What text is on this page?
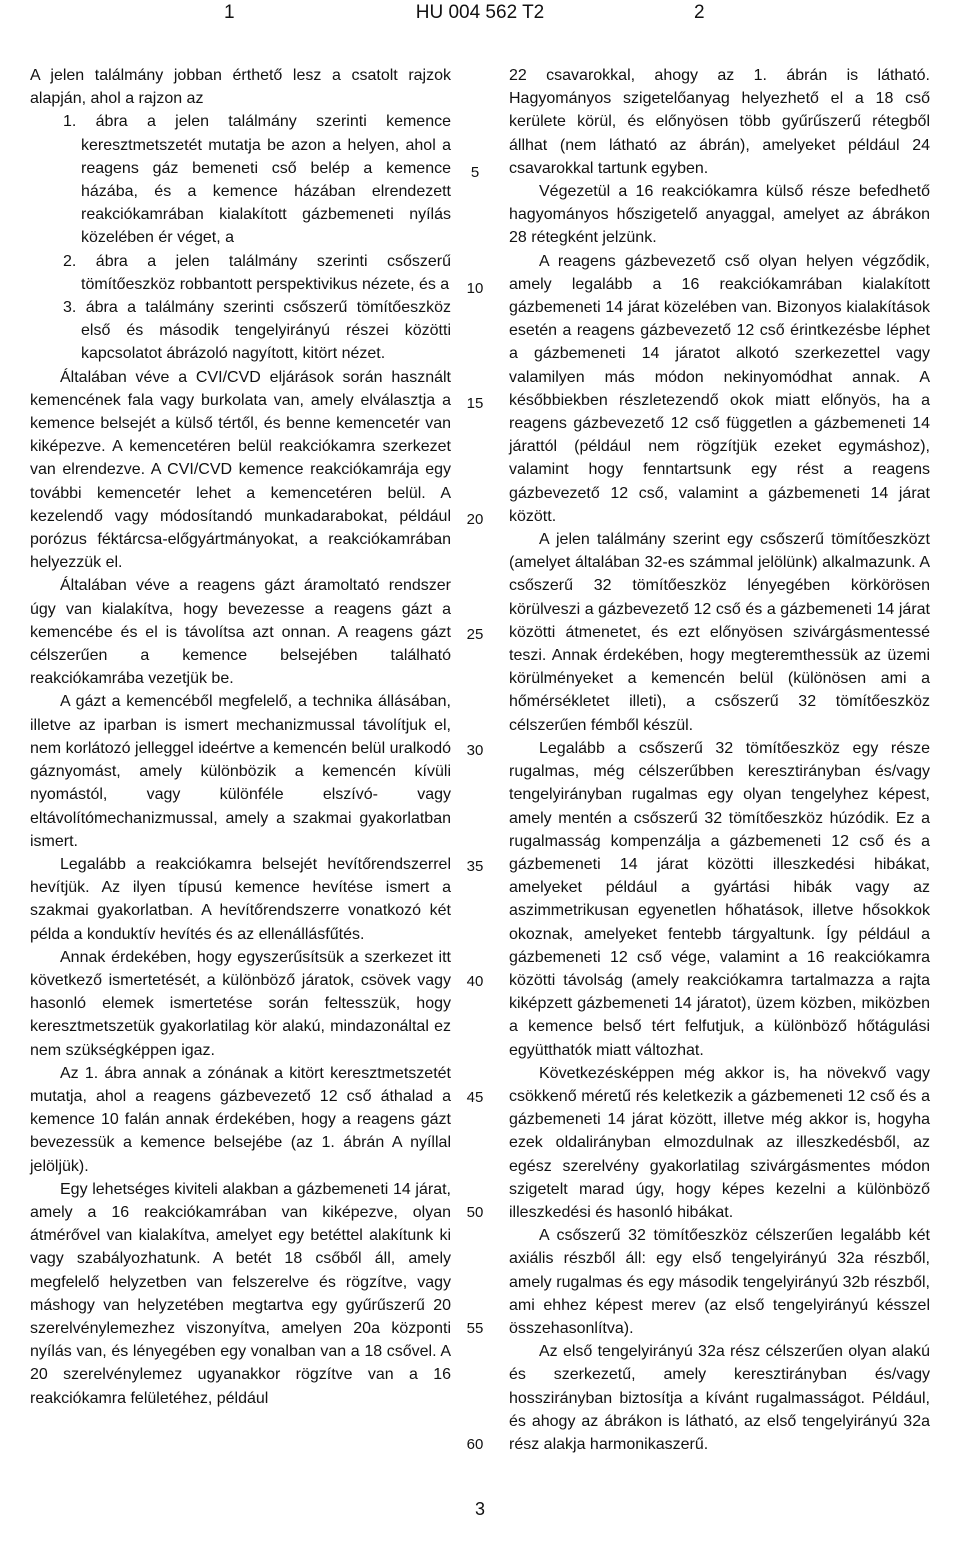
1	HU 004 562 T2	2

A jelen találmány jobban érthető lesz a csatolt rajzok alapján, ahol a rajzon az

1. ábra a jelen találmány szerinti kemence keresztmetszetét mutatja be azon a helyen, ahol a reagens gáz bemeneti cső belép a kemence házába, és a kemence házában elrendezett reakciókamrában kialakított gázbemeneti nyílás közelében ér véget, a

2. ábra a jelen találmány szerinti csőszerű tömítőeszköz robbantott perspektivikus nézete, és a

3. ábra a találmány szerinti csőszerű tömítőeszköz első és második tengelyirányú részei közötti kapcsolatot ábrázoló nagyított, kitört nézet.

Általában véve a CVI/CVD eljárások során használt kemencének fala vagy burkolata van, amely elválasztja a kemence belsejét a külső tértől, és benne kemencetér van kiképezve. A kemencetéren belül reakciókamra szerkezet van elrendezve. A CVI/CVD kemence reakciókamrája egy további kemencetér lehet a kemencetéren belül. A kezelendő vagy módosítandó munkadarabokat, például porózus féktárcsa-előgyártmányokat, a reakciókamrában helyezzük el.

Általában véve a reagens gázt áramoltató rendszer úgy van kialakítva, hogy bevezesse a reagens gázt a kemencébe és el is távolítsa azt onnan. A reagens gázt célszerűen a kemence belsejében található reakciókamrába vezetjük be.

A gázt a kemencéből megfelelő, a technika állásában, illetve az iparban is ismert mechanizmussal távolítjuk el, nem korlátozó jelleggel ideértve a kemencén belül uralkodó gáznyomást, amely különbözik a kemencén kívüli nyomástól, vagy különféle elszívó- vagy eltávolítómechanizmussal, amely a szakmai gyakorlatban ismert.

Legalább a reakciókamra belsejét hevítőrendszerrel hevítjük. Az ilyen típusú kemence hevítése ismert a szakmai gyakorlatban. A hevítőrendszerre vonatkozó két példa a konduktív hevítés és az ellenállásfűtés.

Annak érdekében, hogy egyszerűsítsük a szerkezet itt következő ismertetését, a különböző járatok, csövek vagy hasonló elemek ismertetése során feltesszük, hogy keresztmetszetük gyakorlatilag kör alakú, mindazonáltal ez nem szükségképpen igaz.

Az 1. ábra annak a zónának a kitört keresztmetszetét mutatja, ahol a reagens gázbevezető 12 cső áthalad a kemence 10 falán annak érdekében, hogy a reagens gázt bevezessük a kemence belsejébe (az 1. ábrán A nyíllal jelöljük).

Egy lehetséges kiviteli alakban a gázbemeneti 14 járat, amely a 16 reakciókamrában van kiképezve, olyan átmérővel van kialakítva, amelyet egy betéttel alakítunk ki vagy szabályozhatunk. A betét 18 csőből áll, amely megfelelő helyzetben van felszerelve és rögzítve, vagy máshogy van helyzetében megtartva egy gyűrűszerű 20 szerelvénylemezhez viszonyítva, amelyen 20a központi nyílás van, és lényegében egy vonalban van a 18 csővel. A 20 szerelvénylemez ugyanakkor rögzítve van a 16 reakciókamra felületéhez, például

22 csavarokkal, ahogy az 1. ábrán is látható. Hagyományos szigetelőanyag helyezhető el a 18 cső kerülete körül, és előnyösen több gyűrűszerű rétegből állhat (nem látható az ábrán), amelyeket például 24 csavarokkal tartunk egyben.

Végezetül a 16 reakciókamra külső része befedhető hagyományos hőszigetelő anyaggal, amelyet az ábrákon 28 rétegként jelzünk.

A reagens gázbevezető cső olyan helyen végződik, amely legalább a 16 reakciókamrában kialakított gázbemeneti 14 járat közelében van. Bizonyos kialakítások esetén a reagens gázbevezető 12 cső érintkezésbe léphet a gázbemeneti 14 járatot alkotó szerkezettel vagy valamilyen más módon nekinyomódhat annak. A későbbiekben részletezendő okok miatt előnyös, ha a reagens gázbevezető 12 cső független a gázbemeneti 14 járattól (például nem rögzítjük ezeket egymáshoz), valamint hogy fenntartsunk egy rést a reagens gázbevezető 12 cső, valamint a gázbemeneti 14 járat között.

A jelen találmány szerint egy csőszerű tömítőeszközt (amelyet általában 32-es számmal jelölünk) alkalmazunk. A csőszerű 32 tömítőeszköz lényegében körkörösen körülveszi a gázbevezető 12 cső és a gázbemeneti 14 járat közötti átmenetet, és ezt előnyösen szivárgásmentessé teszi. Annak érdekében, hogy megteremthessük az üzemi körülményeket a kemencén belül (különösen ami a hőmérsékletet illeti), a csőszerű 32 tömítőeszköz célszerűen fémből készül.

Legalább a csőszerű 32 tömítőeszköz egy része rugalmas, még célszerűbben keresztirányban és/vagy tengelyirányban rugalmas egy olyan tengelyhez képest, amely mentén a csőszerű 32 tömítőeszköz húzódik. Ez a rugalmasság kompenzálja a gázbemeneti 12 cső és a gázbemeneti 14 járat közötti illeszkedési hibákat, amelyeket például a gyártási hibák vagy az aszimmetrikusan egyenetlen hőhatások, illetve hősokkok okoznak, amelyeket fentebb tárgyaltunk. Így például a gázbemeneti 12 cső vége, valamint a 16 reakciókamra közötti távolság (amely reakciókamra tartalmazza a rajta kiképzett gázbemeneti 14 járatot), üzem közben, miközben a kemence belső tért felfutjuk, a különböző hőtágulási együtthatók miatt változhat.

Következésképpen még akkor is, ha növekvő vagy csökkenő méretű rés keletkezik a gázbemeneti 12 cső és a gázbemeneti 14 járat között, illetve még akkor is, hogyha ezek oldalirányban elmozdulnak az illeszkedésből, az egész szerelvény gyakorlatilag szivárgásmentes módon szigetelt marad úgy, hogy képes kezelni a különböző illeszkedési és hasonló hibákat.

A csőszerű 32 tömítőeszköz célszerűen legalább két axiális részből áll: egy első tengelyirányú 32a részből, amely rugalmas és egy második tengelyirányú 32b részből, ami ehhez képest merev (az első tengelyirányú késszel összehasonlítva).

Az első tengelyirányú 32a rész célszerűen olyan alakú és szerkezetű, amely keresztirányban és/vagy hosszirányban biztosítja a kívánt rugalmasságot. Például, és ahogy az ábrákon is látható, az első tengelyirányú 32a rész alakja harmonikaszerű.

5
10
15
20
25
30
35
40
45
50
55
60
3
